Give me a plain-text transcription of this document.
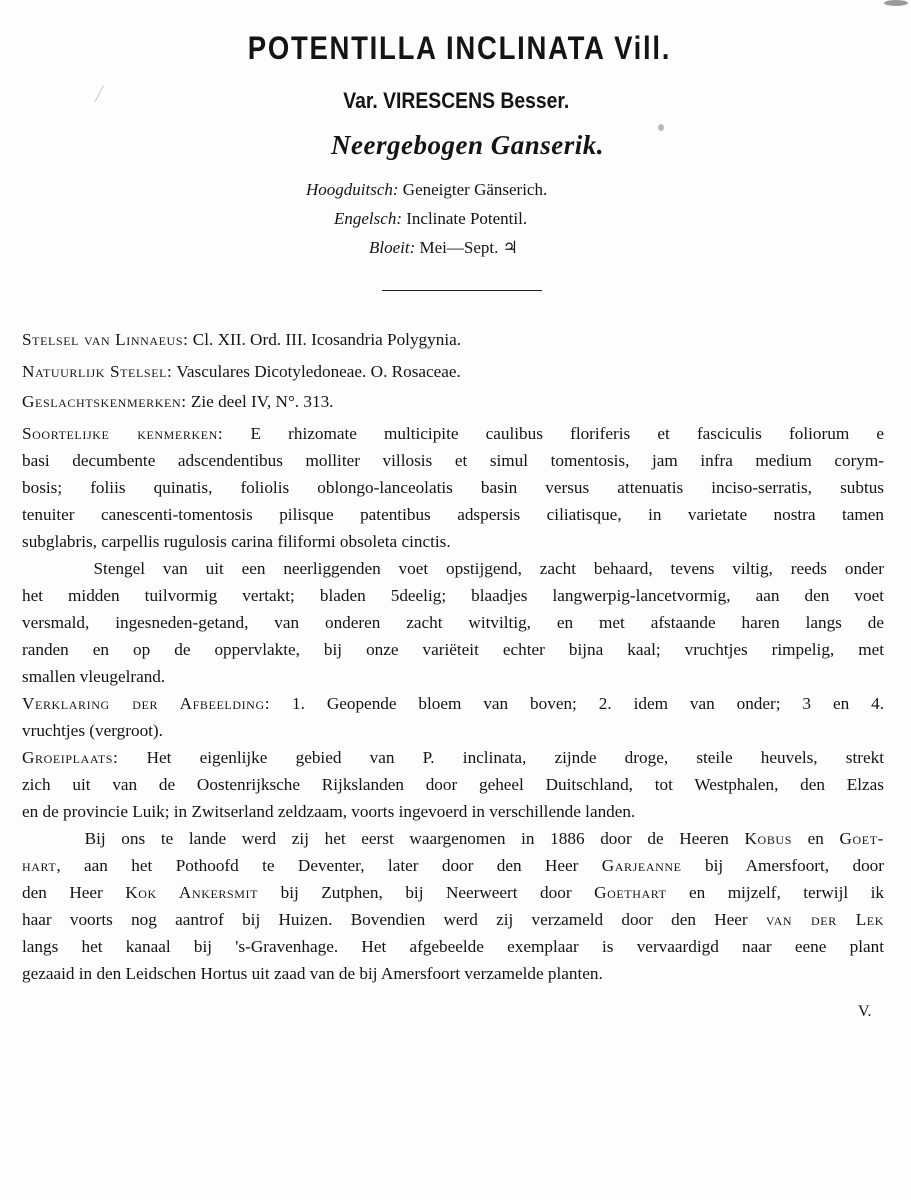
POTENTILLA INCLINATA Vill.
Var. VIRESCENS Besser.
Neergebogen Ganserik.
Hoogduitsch: Geneigter Gänserich.
Engelsch: Inclinate Potentil.
Bloeit: Mei—Sept. ♃
Stelsel van Linnaeus: Cl. XII. Ord. III. Icosandria Polygynia.
Natuurlijk Stelsel: Vasculares Dicotyledoneae. O. Rosaceae.
Geslachtskenmerken: Zie deel IV, N°. 313.
Soortelijke kenmerken: E rhizomate multicipite caulibus floriferis et fasciculis foliorum e
basi decumbente adscendentibus molliter villosis et simul tomentosis, jam infra medium corym-
bosis; foliis quinatis, foliolis oblongo-lanceolatis basin versus attenuatis inciso-serratis, subtus
tenuiter canescenti-tomentosis pilisque patentibus adspersis ciliatisque, in varietate nostra tamen
subglabris, carpellis rugulosis carina filiformi obsoleta cinctis.
Stengel van uit een neerliggenden voet opstijgend, zacht behaard, tevens viltig, reeds onder
het midden tuilvormig vertakt; bladen 5deelig; blaadjes langwerpig-lancetvormig, aan den voet
versmald, ingesneden-getand, van onderen zacht witviltig, en met afstaande haren langs de
randen en op de oppervlakte, bij onze variëteit echter bijna kaal; vruchtjes rimpelig, met
smallen vleugelrand.
Verklaring der Afbeelding: 1. Geopende bloem van boven; 2. idem van onder; 3 en 4.
vruchtjes (vergroot).
Groeiplaats: Het eigenlijke gebied van P. inclinata, zijnde droge, steile heuvels, strekt
zich uit van de Oostenrijksche Rijkslanden door geheel Duitschland, tot Westphalen, den Elzas
en de provincie Luik; in Zwitserland zeldzaam, voorts ingevoerd in verschillende landen.
Bij ons te lande werd zij het eerst waargenomen in 1886 door de Heeren Kobus en Goet-
hart, aan het Pothoofd te Deventer, later door den Heer Garjeanne bij Amersfoort, door
den Heer Kok Ankersmit bij Zutphen, bij Neerweert door Goethart en mijzelf, terwijl ik
haar voorts nog aantrof bij Huizen. Bovendien werd zij verzameld door den Heer van der Lek
langs het kanaal bij 's-Gravenhage. Het afgebeelde exemplaar is vervaardigd naar eene plant
gezaaid in den Leidschen Hortus uit zaad van de bij Amersfoort verzamelde planten.
V.
